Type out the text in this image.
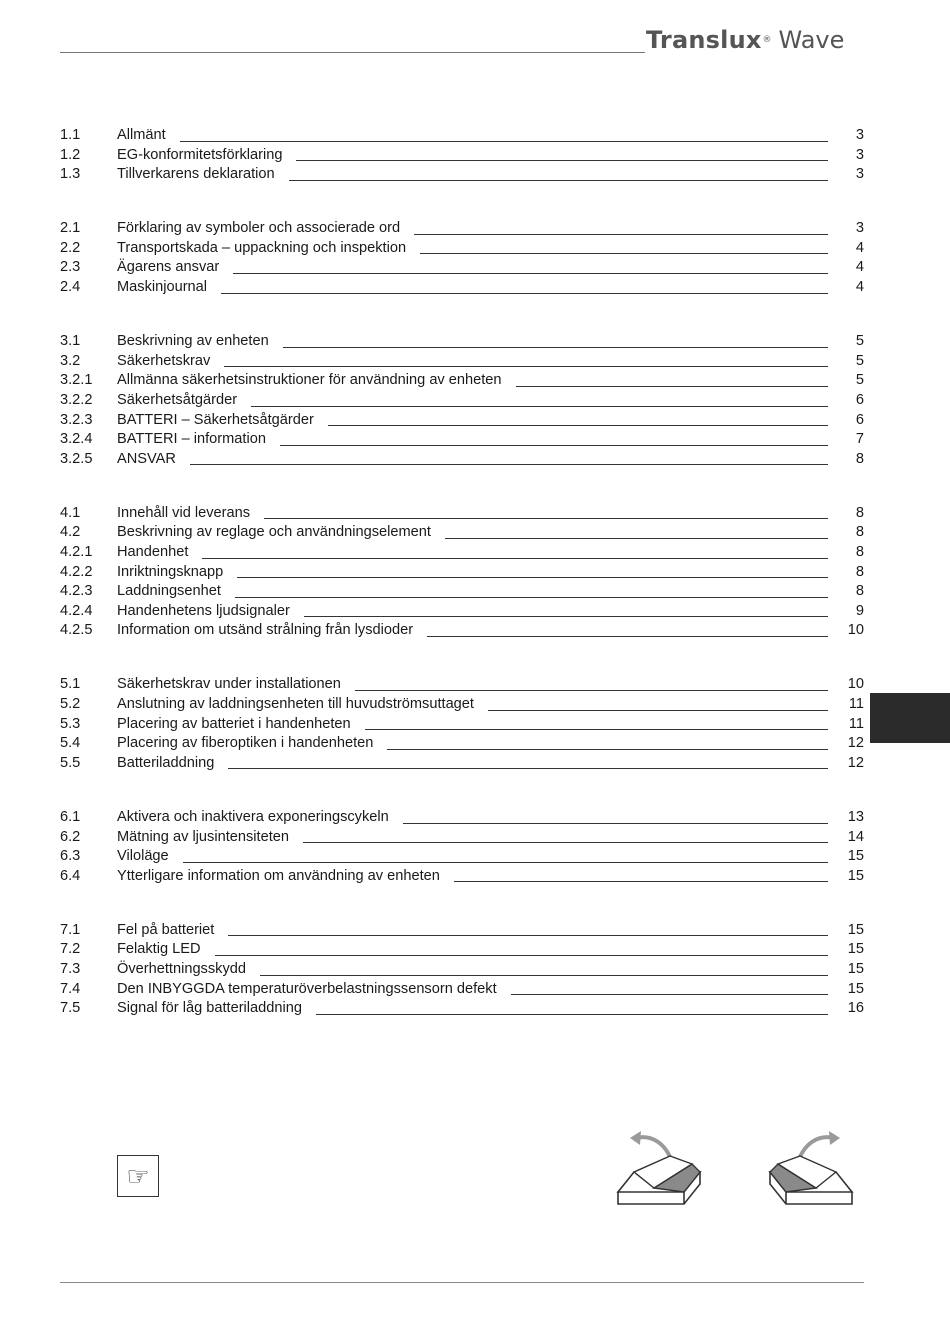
Translux® Wave
1.1	Allmänt	3
1.2	EG-konformitetsförklaring	3
1.3	Tillverkarens deklaration	3
2.1	Förklaring av symboler och associerade ord	3
2.2	Transportskada – uppackning och inspektion	4
2.3	Ägarens ansvar	4
2.4	Maskinjournal	4
3.1	Beskrivning av enheten	5
3.2	Säkerhetskrav	5
3.2.1 Allmänna säkerhetsinstruktioner för användning av enheten	5
3.2.2 Säkerhetsåtgärder	6
3.2.3 BATTERI – Säkerhetsåtgärder	6
3.2.4 BATTERI – information	7
3.2.5 ANSVAR	8
4.1	Innehåll vid leverans	8
4.2	Beskrivning av reglage och användningselement	8
4.2.1 Handenhet	8
4.2.2 Inriktningsknapp	8
4.2.3 Laddningsenhet	8
4.2.4 Handenhetens ljudsignaler	9
4.2.5 Information om utsänd strålning från lysdioder	10
5.1	Säkerhetskrav under installationen	10
5.2	Anslutning av laddningsenheten till huvudströmsuttaget	11
5.3	Placering av batteriet i handenheten	11
5.4	Placering av fiberoptiken i handenheten	12
5.5	Batteriladdning	12
6.1	Aktivera och inaktivera exponeringscykeln	13
6.2	Mätning av ljusintensiteten	14
6.3	Viloläge	15
6.4	Ytterligare information om användning av enheten	15
7.1	Fel på batteriet	15
7.2	Felaktig LED	15
7.3	Överhettningsskydd	15
7.4	Den INBYGGDA temperaturöverbelastningssensorn defekt	15
7.5	Signal för låg batteriladdning	16
☞
